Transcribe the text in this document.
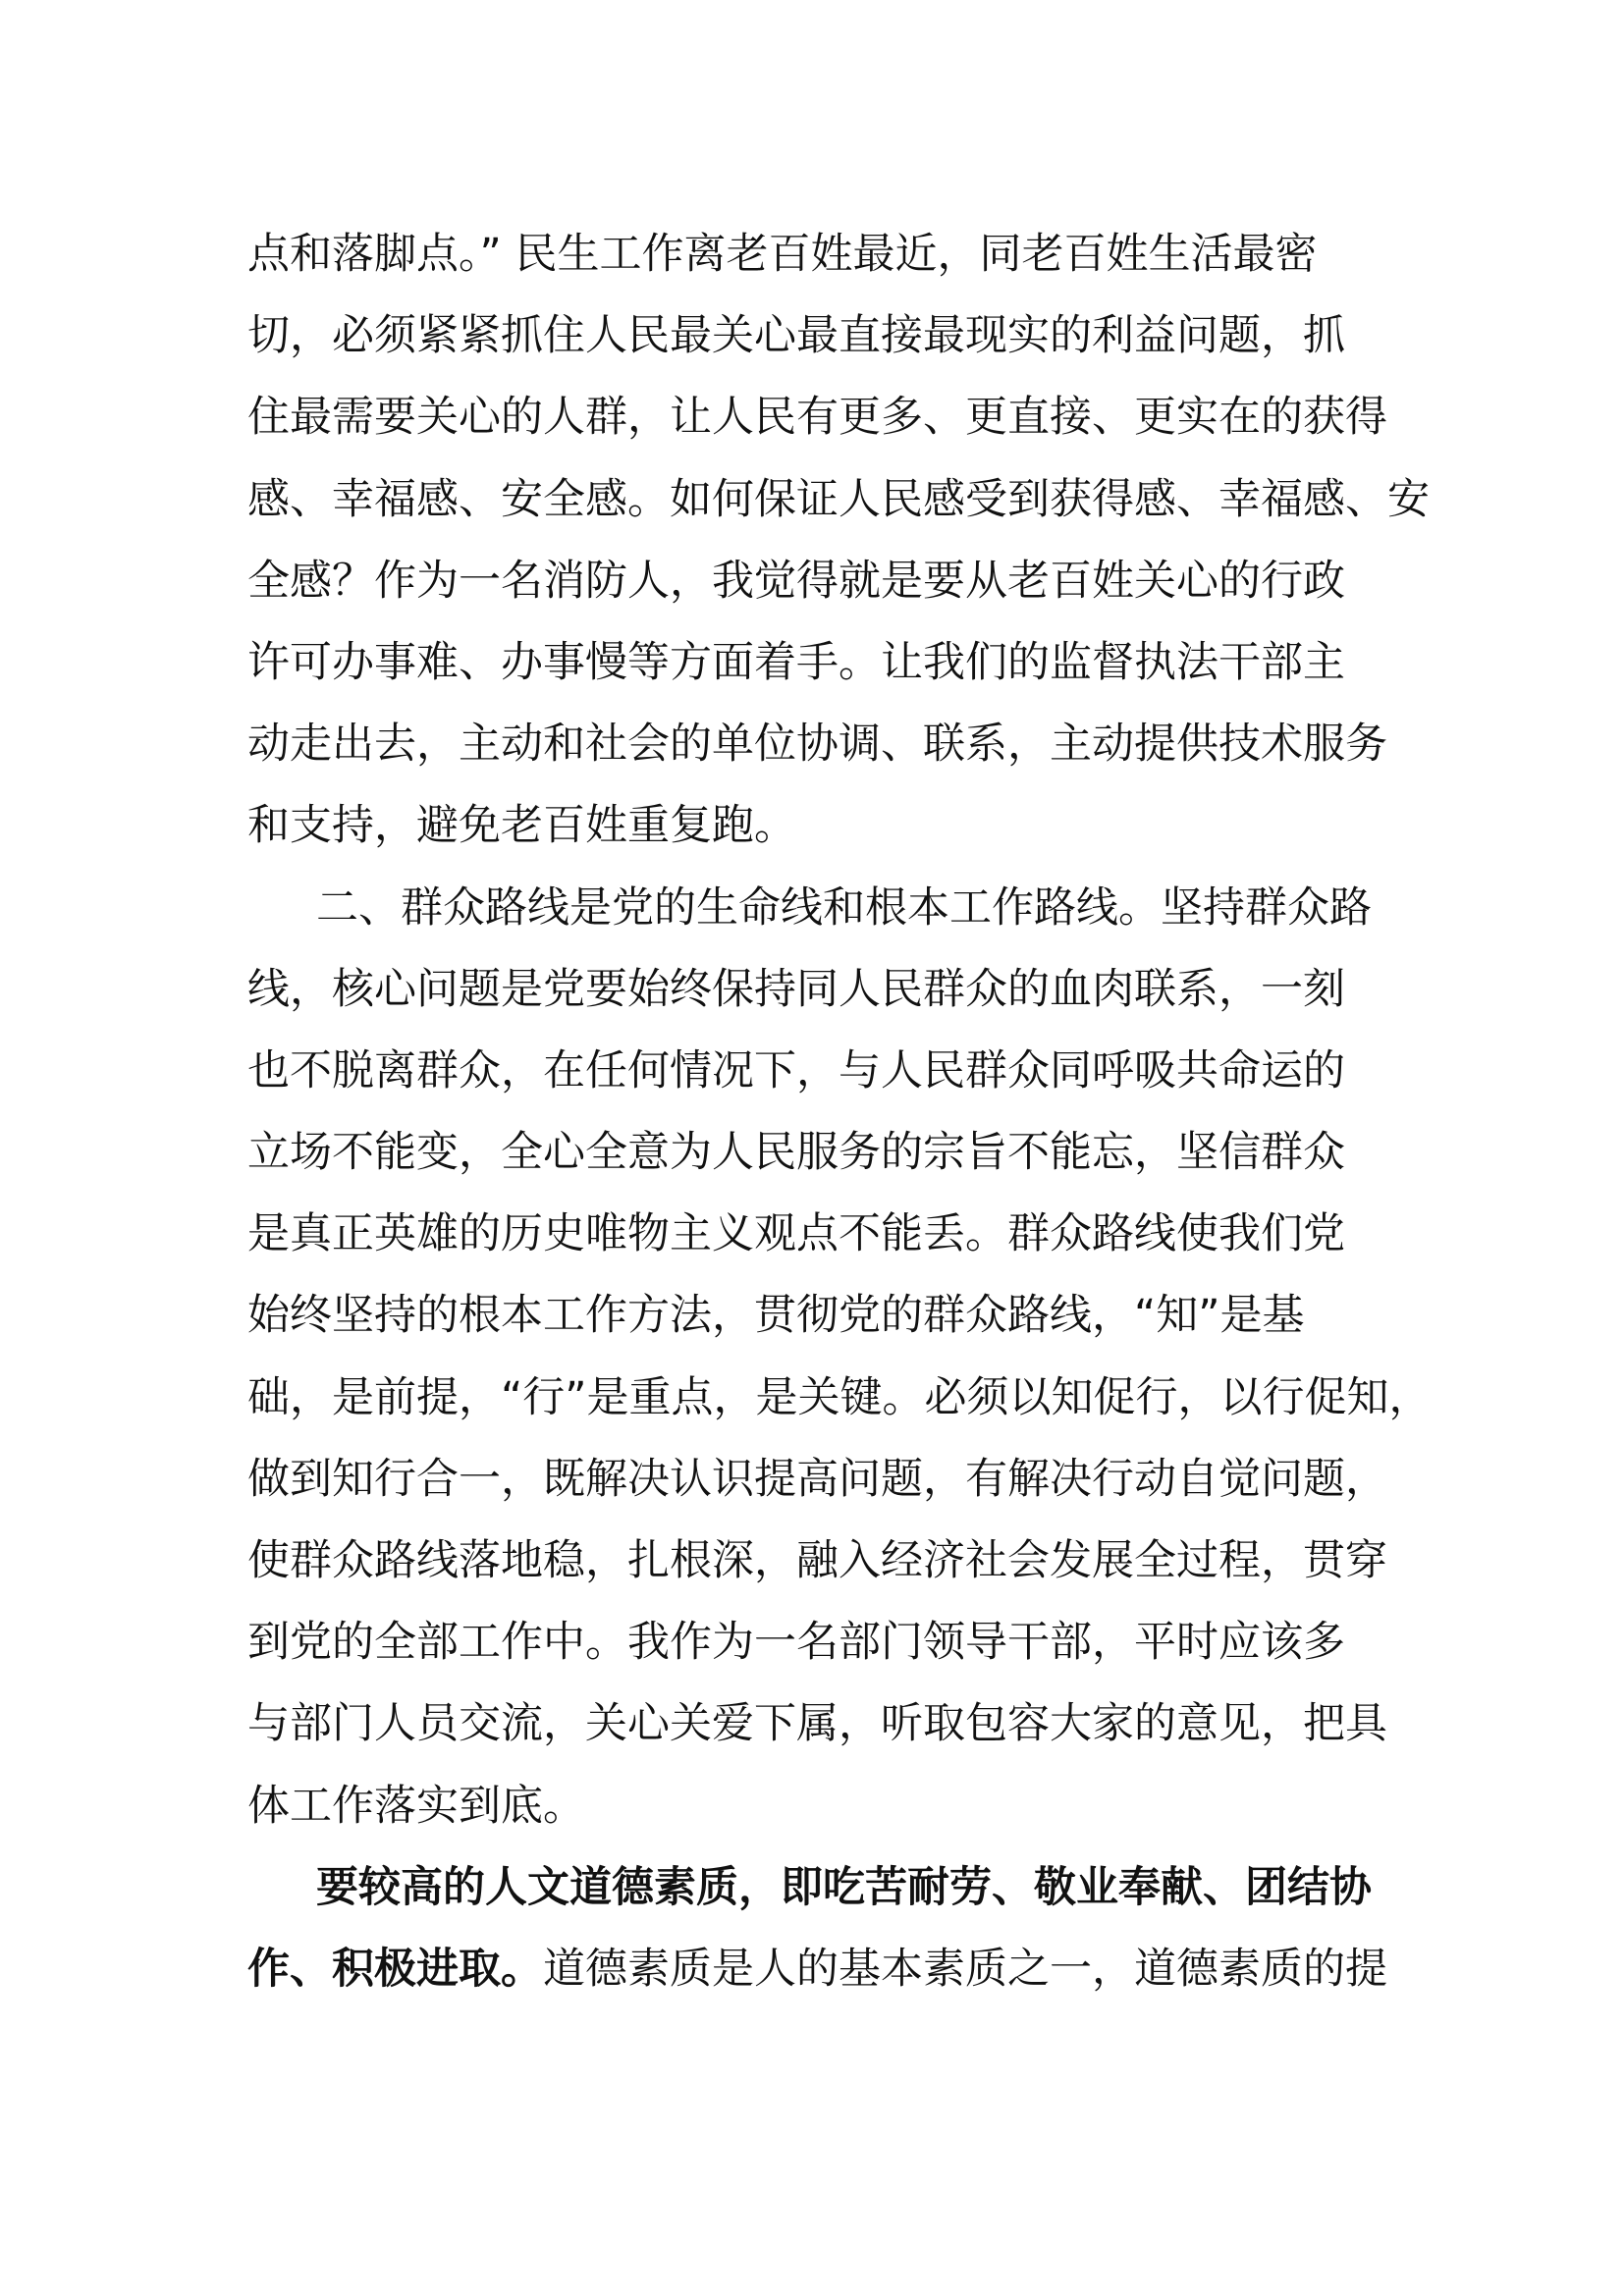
点和落脚点。” 民生工作离老百姓最近，同老百姓生活最密
切，必须紧紧抓住人民最关心最直接最现实的利益问题，抓
住最需要关心的人群，让人民有更多、更直接、更实在的获得
感、幸福感、安全感。如何保证人民感受到获得感、幸福感、安
全感？作为一名消防人，我觉得就是要从老百姓关心的行政
许可办事难、办事慢等方面着手。让我们的监督执法干部主
动走出去，主动和社会的单位协调、联系，主动提供技术服务
和支持，避免老百姓重复跑。
二、群众路线是党的生命线和根本工作路线。坚持群众路
线，核心问题是党要始终保持同人民群众的血肉联系，一刻
也不脱离群众，在任何情况下，与人民群众同呼吸共命运的
立场不能变，全心全意为人民服务的宗旨不能忘，坚信群众
是真正英雄的历史唯物主义观点不能丢。群众路线使我们党
始终坚持的根本工作方法，贯彻党的群众路线，“知”是基
础，是前提，“行”是重点，是关键。必须以知促行，以行促知，
做到知行合一，既解决认识提高问题，有解决行动自觉问题，
使群众路线落地稳，扎根深，融入经济社会发展全过程，贯穿
到党的全部工作中。我作为一名部门领导干部，平时应该多
与部门人员交流，关心关爱下属，听取包容大家的意见，把具
体工作落实到底。
要较高的人文道德素质，即吃苦耐劳、敬业奉献、团结协
作、积极进取。道德素质是人的基本素质之一，道德素质的提
